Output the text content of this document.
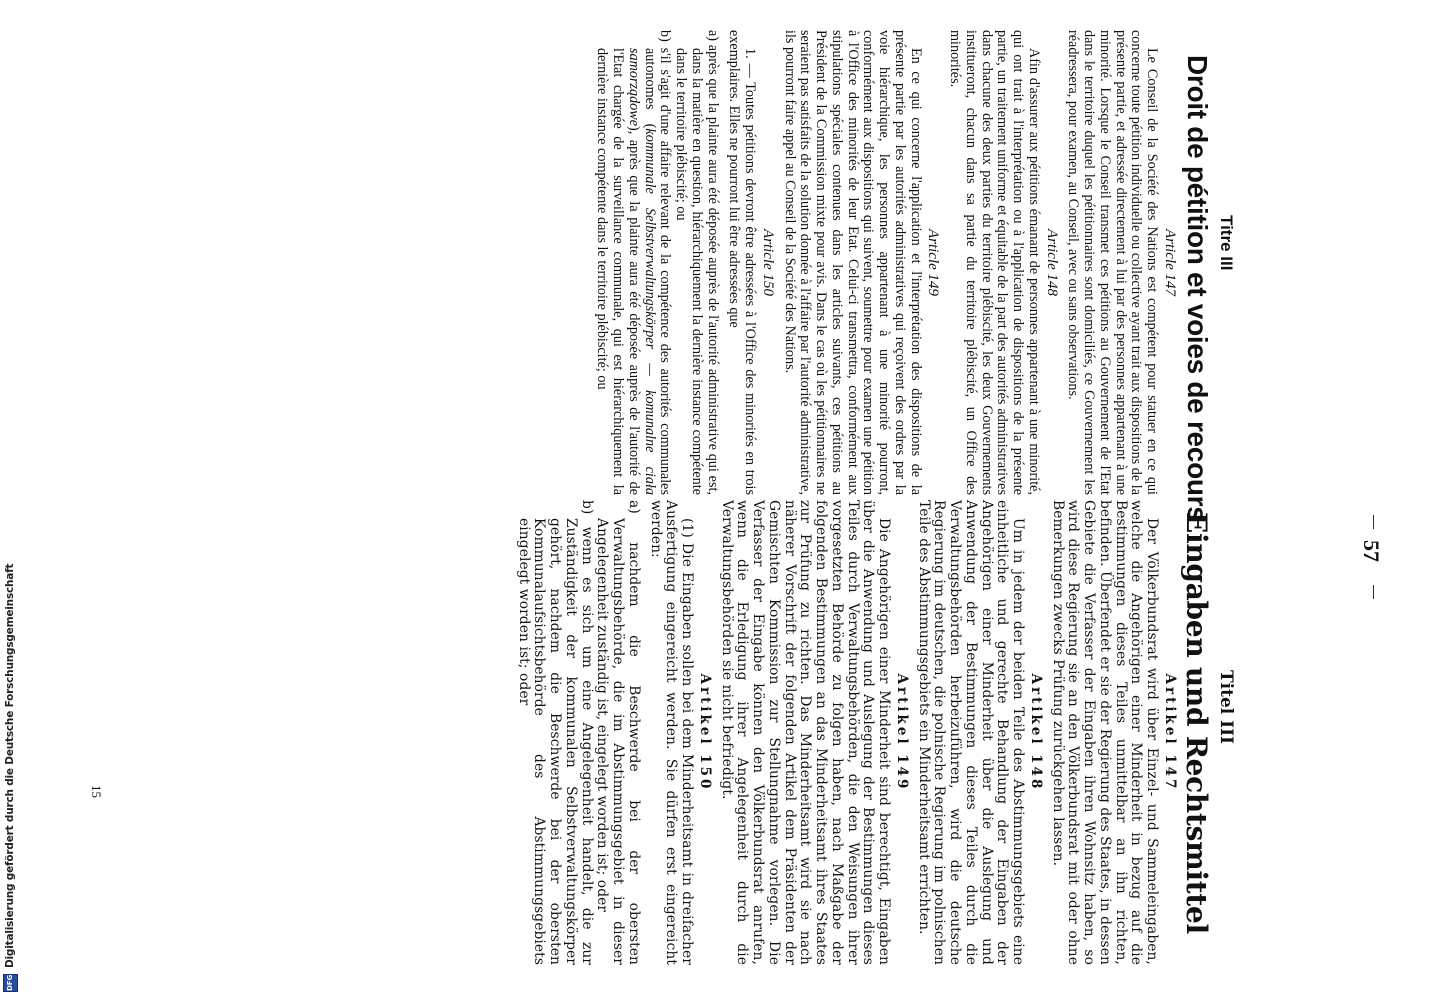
57
Titre III
Droit de pétition et voies de recours
Article 147

Le Conseil de la Société des Nations est compétent pour statuer en ce qui concerne toute pétition individuelle ou collective ayant trait aux dispositions de la présente partie, et adressée directement à lui par des personnes appartenant à une minorité. Lorsque le Conseil transmet ces pétitions au Gouvernement de l'Etat dans le territoire duquel les pétitionnaires sont domiciliés, ce Gouvernement les réadressera, pour examen, au Conseil, avec ou sans observations.

Article 148

Afin d'assurer aux pétitions émanant de personnes appartenant à une minorité, qui ont trait à l'interprétation ou à l'application de dispositions de la présente partie, un traitement uniforme et équitable de la part des autorités administratives dans chacune des deux parties du territoire plébiscité, les deux Gouvernements institueront, chacun dans sa partie du territoire plébiscité, un Office des minorités.

Article 149

En ce qui concerne l'application et l'interprétation des dispositions de la présente partie par les autorités administratives qui reçoivent des ordres par la voie hiérarchique, les personnes appartenant à une minorité pourront, conformément aux dispositions qui suivent, soumettre pour examen une pétition à l'Office des minorités de leur Etat. Celui-ci transmettra, conformément aux stipulations spéciales contenues dans les articles suivants, ces pétitions au Président de la Commission mixte pour avis. Dans le cas où les pétitionnaires ne seraient pas satisfaits de la solution donnée à l'affaire par l'autorité administrative, ils pourront faire appel au Conseil de la Société des Nations.

Article 150

1. — Toutes pétitions devront être adressées à l'Office des minorités en trois exemplaires. Elles ne pourront lui être adressées que

a) après que la plainte aura été déposée auprès de l'autorité administrative qui est, dans la matière en question, hiérarchiquement la dernière instance compétente dans le territoire plébiscité; ou
b) s'il s'agit d'une affaire relevant de la compétence des autorités communales autonomes (kommunale Selbstverwaltungskörper — komunalne ciała samorządowe), après que la plainte aura été déposée auprès de l'autorité de l'Etat chargée de la surveillance communale, qui est hiérarchiquement la dernière instance compétente dans le territoire plébiscité; ou
Titel III
Eingaben und Rechtsmittel
Artikel 147

Der Völkerbundsrat wird über Einzel- und Sammeleingaben, welche die Angehörigen einer Minderheit in bezug auf die Bestimmungen dieses Teiles unmittelbar an ihn richten, befinden. Überfendet er sie der Regierung des Staates, in dessen Gebiete die Verfasser der Eingaben ihren Wohnsitz haben, so wird diese Regierung sie an den Völkerbundsrat mit oder ohne Bemerkungen zwecks Prüfung zurückgehen lassen.

Artikel 148

Um in jedem der beiden Teile des Abstimmungsgebiets eine einheitliche und gerechte Behandlung der Eingaben der Angehörigen einer Minderheit über die Auslegung und Anwendung der Bestimmungen dieses Teiles durch die Verwaltungsbehörden herbeizuführen, wird die deutsche Regierung im deutschen, die polnische Regierung im polnischen Teile des Abstimmungsgebiets ein Minderheitsamt errichten.

Artikel 149

Die Angehörigen einer Minderheit sind berechtigt, Eingaben über die Anwendung und Auslegung der Bestimmungen dieses Teiles durch Verwaltungsbehörden, die den Weisungen ihrer vorgesetzten Behörde zu folgen haben, nach Maßgabe der folgenden Bestimmungen an das Minderheitsamt ihres Staates zur Prüfung zu richten. Das Minderheitsamt wird sie nach näherer Vorschrift der folgenden Artikel dem Präsidenten der Gemischten Kommission zur Stellungnahme vorlegen. Die Verfasser der Eingabe können den Völkerbundsrat anrufen, wenn die Erledigung ihrer Angelegenheit durch die Verwaltungsbehörden sie nicht befriedigt.

Artikel 150

(1) Die Eingaben sollen bei dem Minderheitsamt in dreifacher Ausfertigung eingereicht werden. Sie dürfen erst eingereicht werden:

a) nachdem die Beschwerde bei der obersten Verwaltungsbehörde, die im Abstimmungsgebiet in dieser Angelegenheit zuständig ist, eingelegt worden ist; oder
b) wenn es sich um eine Angelegenheit handelt, die zur Zuständigkeit der kommunalen Selbstverwaltungskörper gehört, nachdem die Beschwerde bei der obersten Kommunalaufsichtsbehörde des Abstimmungsgebiets eingelegt worden ist; oder
15
DFG
Digitalisierung gefördert durch die Deutsche Forschungsgemeinschaft
